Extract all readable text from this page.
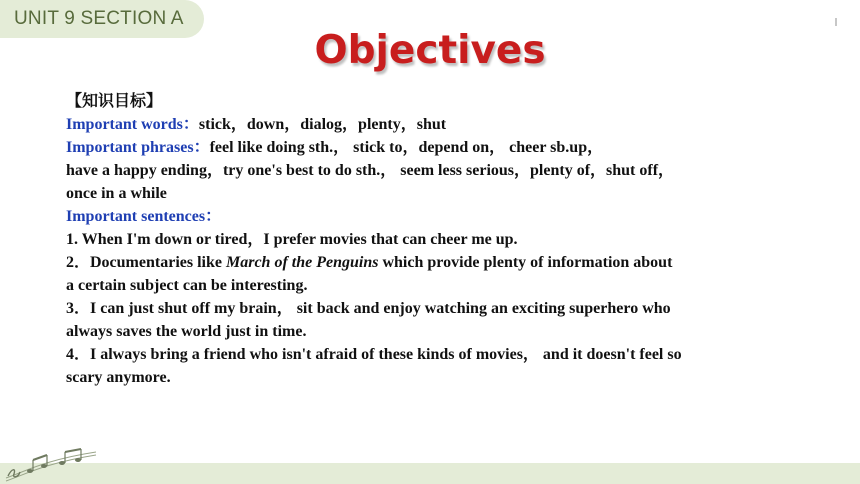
UNIT 9 SECTION A
Objectives
【知识目标】
Important words：stick，down，dialog，plenty，shut
Important phrases：feel like doing sth.， stick to，depend on， cheer sb.up，
have a happy ending，try one's best to do sth.， seem less serious，plenty of，shut off，
once in a while
Important sentences：
1. When I'm down or tired，I prefer movies that can cheer me up.
2．Documentaries like March of the Penguins which provide plenty of information about
a certain subject can be interesting.
3．I can just shut off my brain， sit back and enjoy watching an exciting superhero who
always saves the world just in time.
4．I always bring a friend who isn't afraid of these kinds of movies， and it doesn't feel so
scary anymore.
